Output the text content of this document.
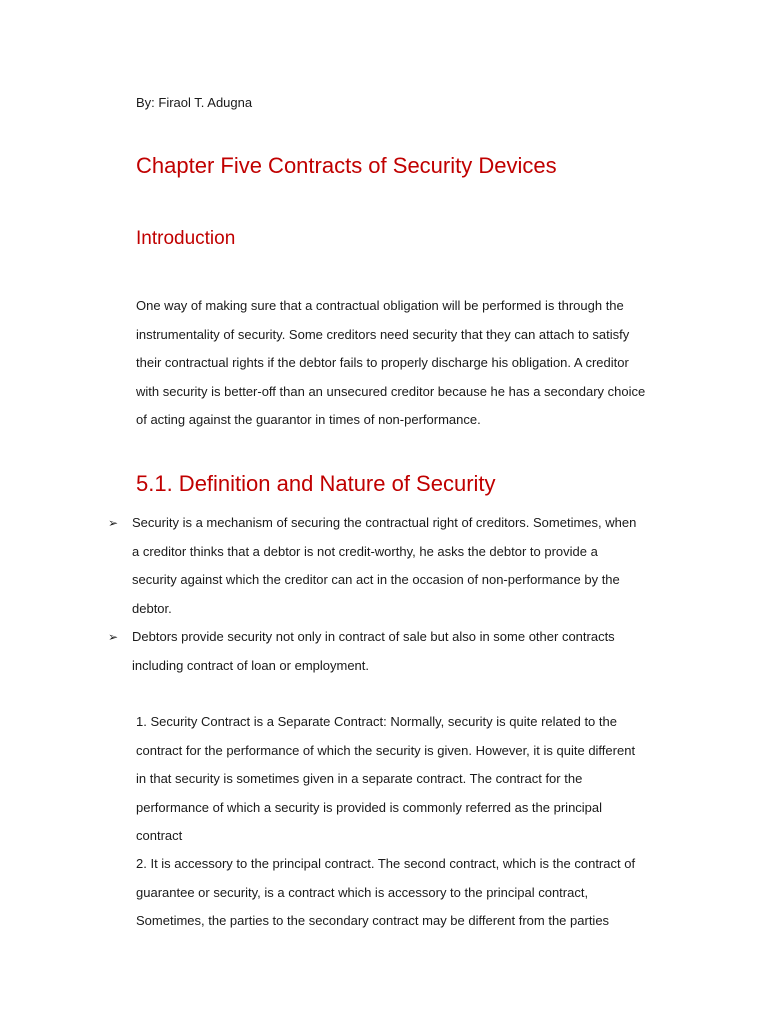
By: Firaol T. Adugna
Chapter Five Contracts of Security Devices
Introduction

One way of making sure that a contractual obligation will be performed is through the
instrumentality of security. Some creditors need security that they can attach to satisfy
their contractual rights if the debtor fails to properly discharge his obligation. A creditor
with security is better-off than an unsecured creditor because he has a secondary choice
of acting against the guarantor in times of non-performance.

5.1. Definition and Nature of Security
➢	Security is a mechanism of securing the contractual right of creditors. Sometimes, when
a creditor thinks that a debtor is not credit-worthy, he asks the debtor to provide a
security against which the creditor can act in the occasion of non-performance by the
debtor.
➢	Debtors provide security not only in contract of sale but also in some other contracts
including contract of loan or employment.

1. Security Contract is a Separate Contract: Normally, security is quite related to the
contract for the performance of which the security is given. However, it is quite different
in that security is sometimes given in a separate contract. The contract for the
performance of which a security is provided is commonly referred as the principal
contract

2. It is accessory to the principal contract. The second contract, which is the contract of
guarantee or security, is a contract which is accessory to the principal contract,
Sometimes, the parties to the secondary contract may be different from the parties
